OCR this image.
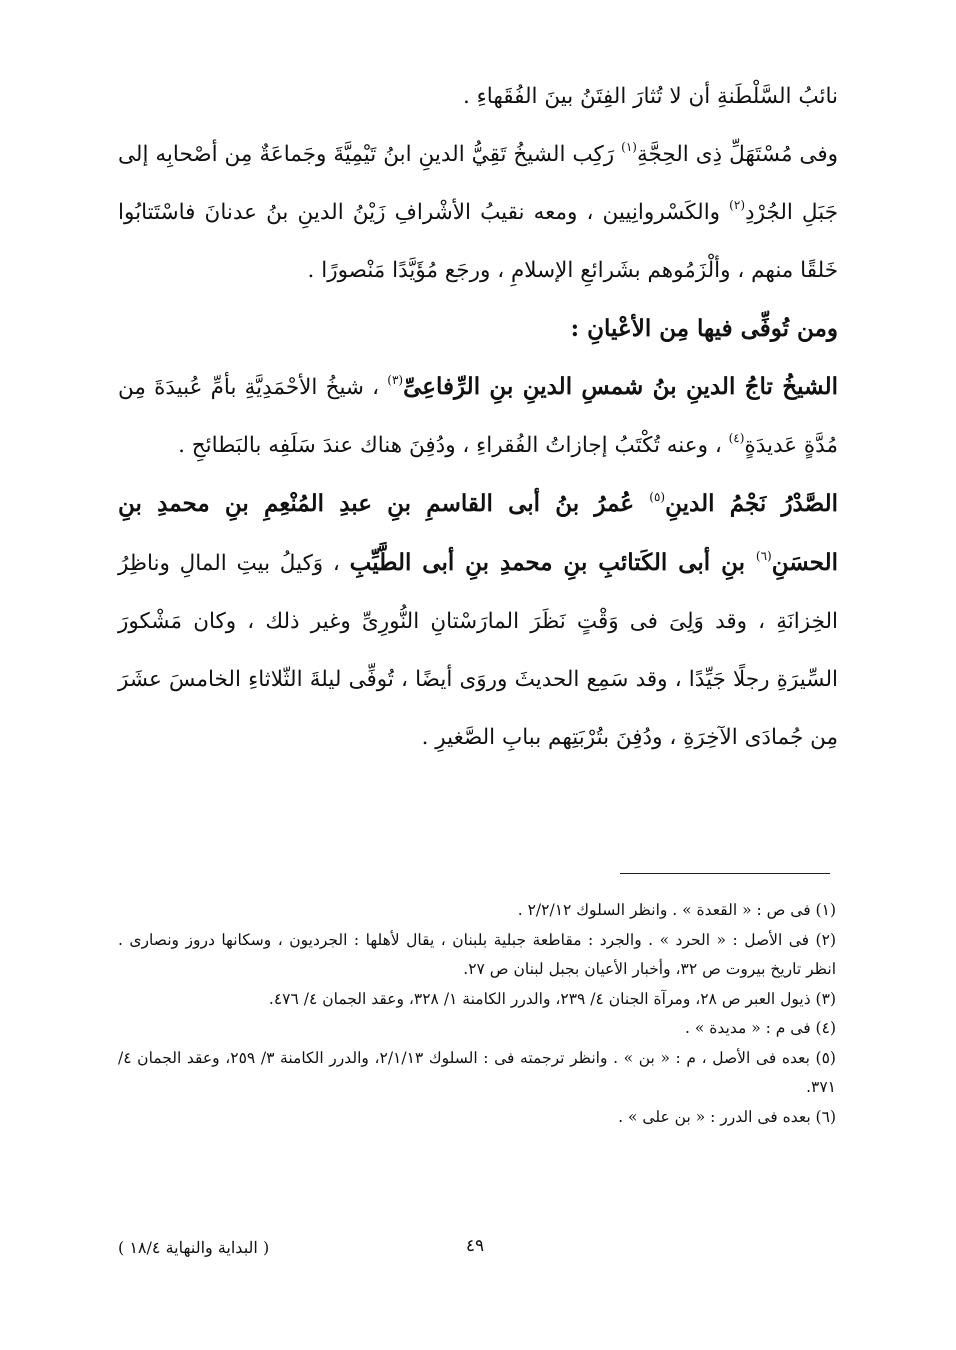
نائبُ السَّلْطَنةِ أن لا تُثارَ الفِتَنُ بينَ الفُقَهاءِ .

وفى مُسْتَهَلِّ ذِى الحِجَّةِ$^{(١)}$ رَكِب الشيخُ تَقِيُّ الدينِ ابنُ تَيْمِيَّةَ وجَماعَةٌ مِن أصْحابِه إلى جَبَلِ الجُرْدِ$^{(٢)}$ والكَسْروانِيين ، ومعه نقيبُ الأشْرافِ زَيْنُ الدينِ بنُ عدنانَ فاسْتَتابُوا خَلقًا منهم ، وألْزَمُوهم بشَرائعِ الإسلامِ ، ورجَع مُؤَيَّدًا مَنْصورًا .

ومن تُوفِّى فيها مِن الأعْيانِ :

الشيخُ تاجُ الدينِ بنُ شمسِ الدينِ بنِ الرِّفاعِىِّ$^{(٣)}$ ، شيخُ الأحْمَدِيَّةِ بأمِّ عُبيدَةَ مِن مُدَّةٍ عَديدَةٍ$^{(٤)}$ ، وعنه تُكْتَبُ إجازاتُ الفُقراءِ ، ودُفِنَ هناك عندَ سَلَفِه بالبَطائحِ .

الصَّدْرُ نَجْمُ الدينِ$^{(٥)}$ عُمرُ بنُ أبى القاسمِ بنِ عبدِ المُنْعِمِ بنِ محمدِ بنِ الحسَنِ$^{(٦)}$ بنِ أبى الكَتائبِ بنِ محمدِ بنِ أبى الطَّيِّبِ ، وَكيلُ بيتِ المالِ وناظِرُ الخِزانَةِ ، وقد وَلِىَ فى وَقْتٍ نَظَرَ المارَسْتانِ النُّورِىِّ وغير ذلك ، وكان مَشْكورَ السِّيرَةِ رجلًا جَيِّدًا ، وقد سَمِع الحديثَ وروَى أيضًا ، تُوفِّى ليلةَ الثّلاثاءِ الخامسَ عشَرَ مِن جُمادَى الآخِرَةِ ، ودُفِنَ بتُرْبَتِهم ببابِ الصَّغيرِ .

(١) فى ص : « القعدة » . وانظر السلوك ٢/٢/١٢ .

(٢) فى الأصل : « الحرد » . والجرد : مقاطعة جبلية بلبنان ، يقال لأهلها : الجرديون ، وسكانها دروز ونصارى . انظر تاريخ بيروت ص ٣٢، وأخبار الأعيان بجبل لبنان ص ٢٧.

(٣) ذيول العبر ص ٢٨، ومرآة الجنان ٤/ ٢٣٩، والدرر الكامنة ١/ ٣٢٨، وعقد الجمان ٤/ ٤٧٦.

(٤) فى م : « مديدة » .

(٥) بعده فى الأصل ، م : « بن » . وانظر ترجمته فى : السلوك ٢/١/١٣، والدرر الكامنة ٣/ ٢٥٩، وعقد الجمان ٤/ ٣٧١.

(٦) بعده فى الدرر : « بن على » .

( البداية والنهاية ١٨/٤ )	٤٩
